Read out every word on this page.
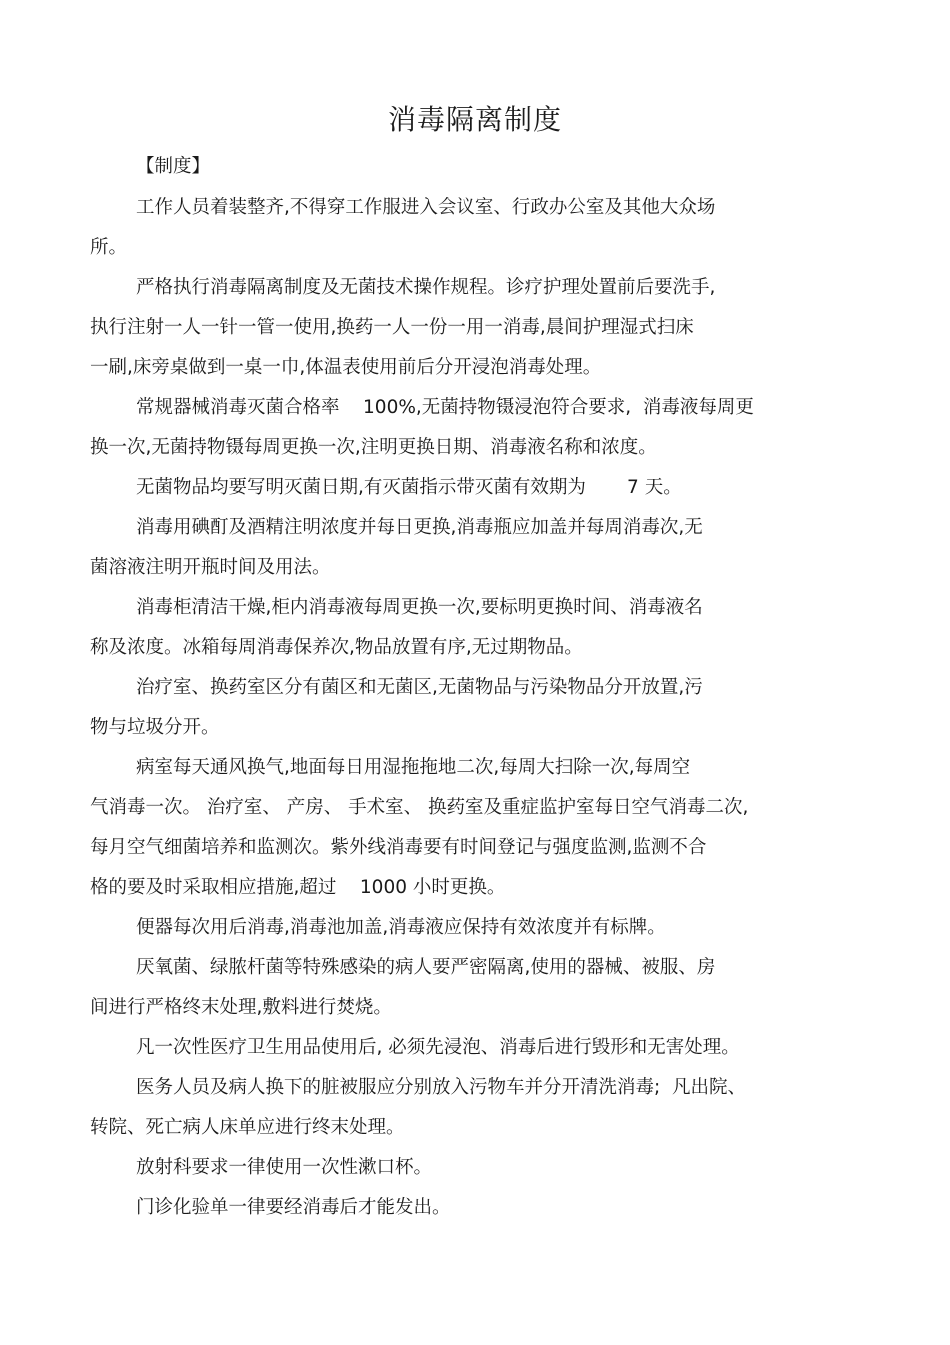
消毒隔离制度
【制度】
工作人员着装整齐,不得穿工作服进入会议室、行政办公室及其他大众场
所。
严格执行消毒隔离制度及无菌技术操作规程。诊疗护理处置前后要洗手,
执行注射一人一针一管一使用,换药一人一份一用一消毒,晨间护理湿式扫床
一刷,床旁桌做到一桌一巾,体温表使用前后分开浸泡消毒处理。
常规器械消毒灭菌合格率    100%,无菌持物镊浸泡符合要求,  消毒液每周更
换一次,无菌持物镊每周更换一次,注明更换日期、消毒液名称和浓度。
无菌物品均要写明灭菌日期,有灭菌指示带灭菌有效期为       7 天。
消毒用碘酊及酒精注明浓度并每日更换,消毒瓶应加盖并每周消毒次,无
菌溶液注明开瓶时间及用法。
消毒柜清洁干燥,柜内消毒液每周更换一次,要标明更换时间、消毒液名
称及浓度。冰箱每周消毒保养次,物品放置有序,无过期物品。
治疗室、换药室区分有菌区和无菌区,无菌物品与污染物品分开放置,污
物与垃圾分开。
病室每天通风换气,地面每日用湿拖拖地二次,每周大扫除一次,每周空
气消毒一次。 治疗室、 产房、 手术室、 换药室及重症监护室每日空气消毒二次,
每月空气细菌培养和监测次。紫外线消毒要有时间登记与强度监测,监测不合
格的要及时采取相应措施,超过    1000 小时更换。
便器每次用后消毒,消毒池加盖,消毒液应保持有效浓度并有标牌。
厌氧菌、绿脓杆菌等特殊感染的病人要严密隔离,使用的器械、被服、房
间进行严格终末处理,敷料进行焚烧。
凡一次性医疗卫生用品使用后, 必须先浸泡、消毒后进行毁形和无害处理。
医务人员及病人换下的脏被服应分别放入污物车并分开清洗消毒;  凡出院、
转院、死亡病人床单应进行终末处理。
放射科要求一律使用一次性漱口杯。
门诊化验单一律要经消毒后才能发出。
